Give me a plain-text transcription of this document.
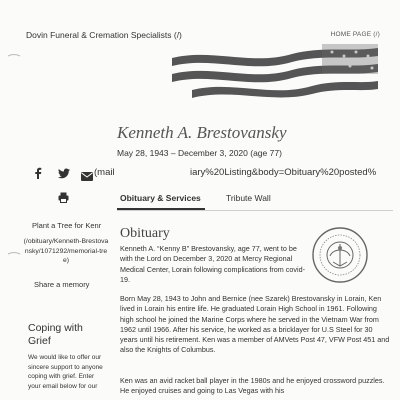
Dovin Funeral & Cremation Specialists (/)	HOME PAGE (/)
Kenneth A. Brestovansky
May 28, 1943 – December 3, 2020 (age 77)
(mail	iary%20Listing&body=Obituary%20posted%
Obituary & Services	Tribute Wall
Plant a Tree for Kenr
(/obituary/Kenneth-Brestovansky/1071292/memorial-tree)
Share a memory
Coping with Grief
We would like to offer our sincere support to anyone coping with grief. Enter your email below for our
Obituary
Kenneth A. “Kenny B” Brestovansky, age 77, went to be with the Lord on December 3, 2020 at Mercy Regional Medical Center, Lorain following complications from covid-19.
Born May 28, 1943 to John and Bernice (nee Szarek) Brestovansky in Lorain, Ken lived in Lorain his entire life. He graduated Lorain High School in 1961. Following high school he joined the Marine Corps where he served in the Vietnam War from 1962 until 1966. After his service, he worked as a bricklayer for U.S Steel for 30 years until his retirement. Ken was a member of AMVets Post 47, VFW Post 451 and also the Knights of Columbus.
Ken was an avid racket ball player in the 1980s and he enjoyed crossword puzzles. He enjoyed cruises and going to Las Vegas with his
